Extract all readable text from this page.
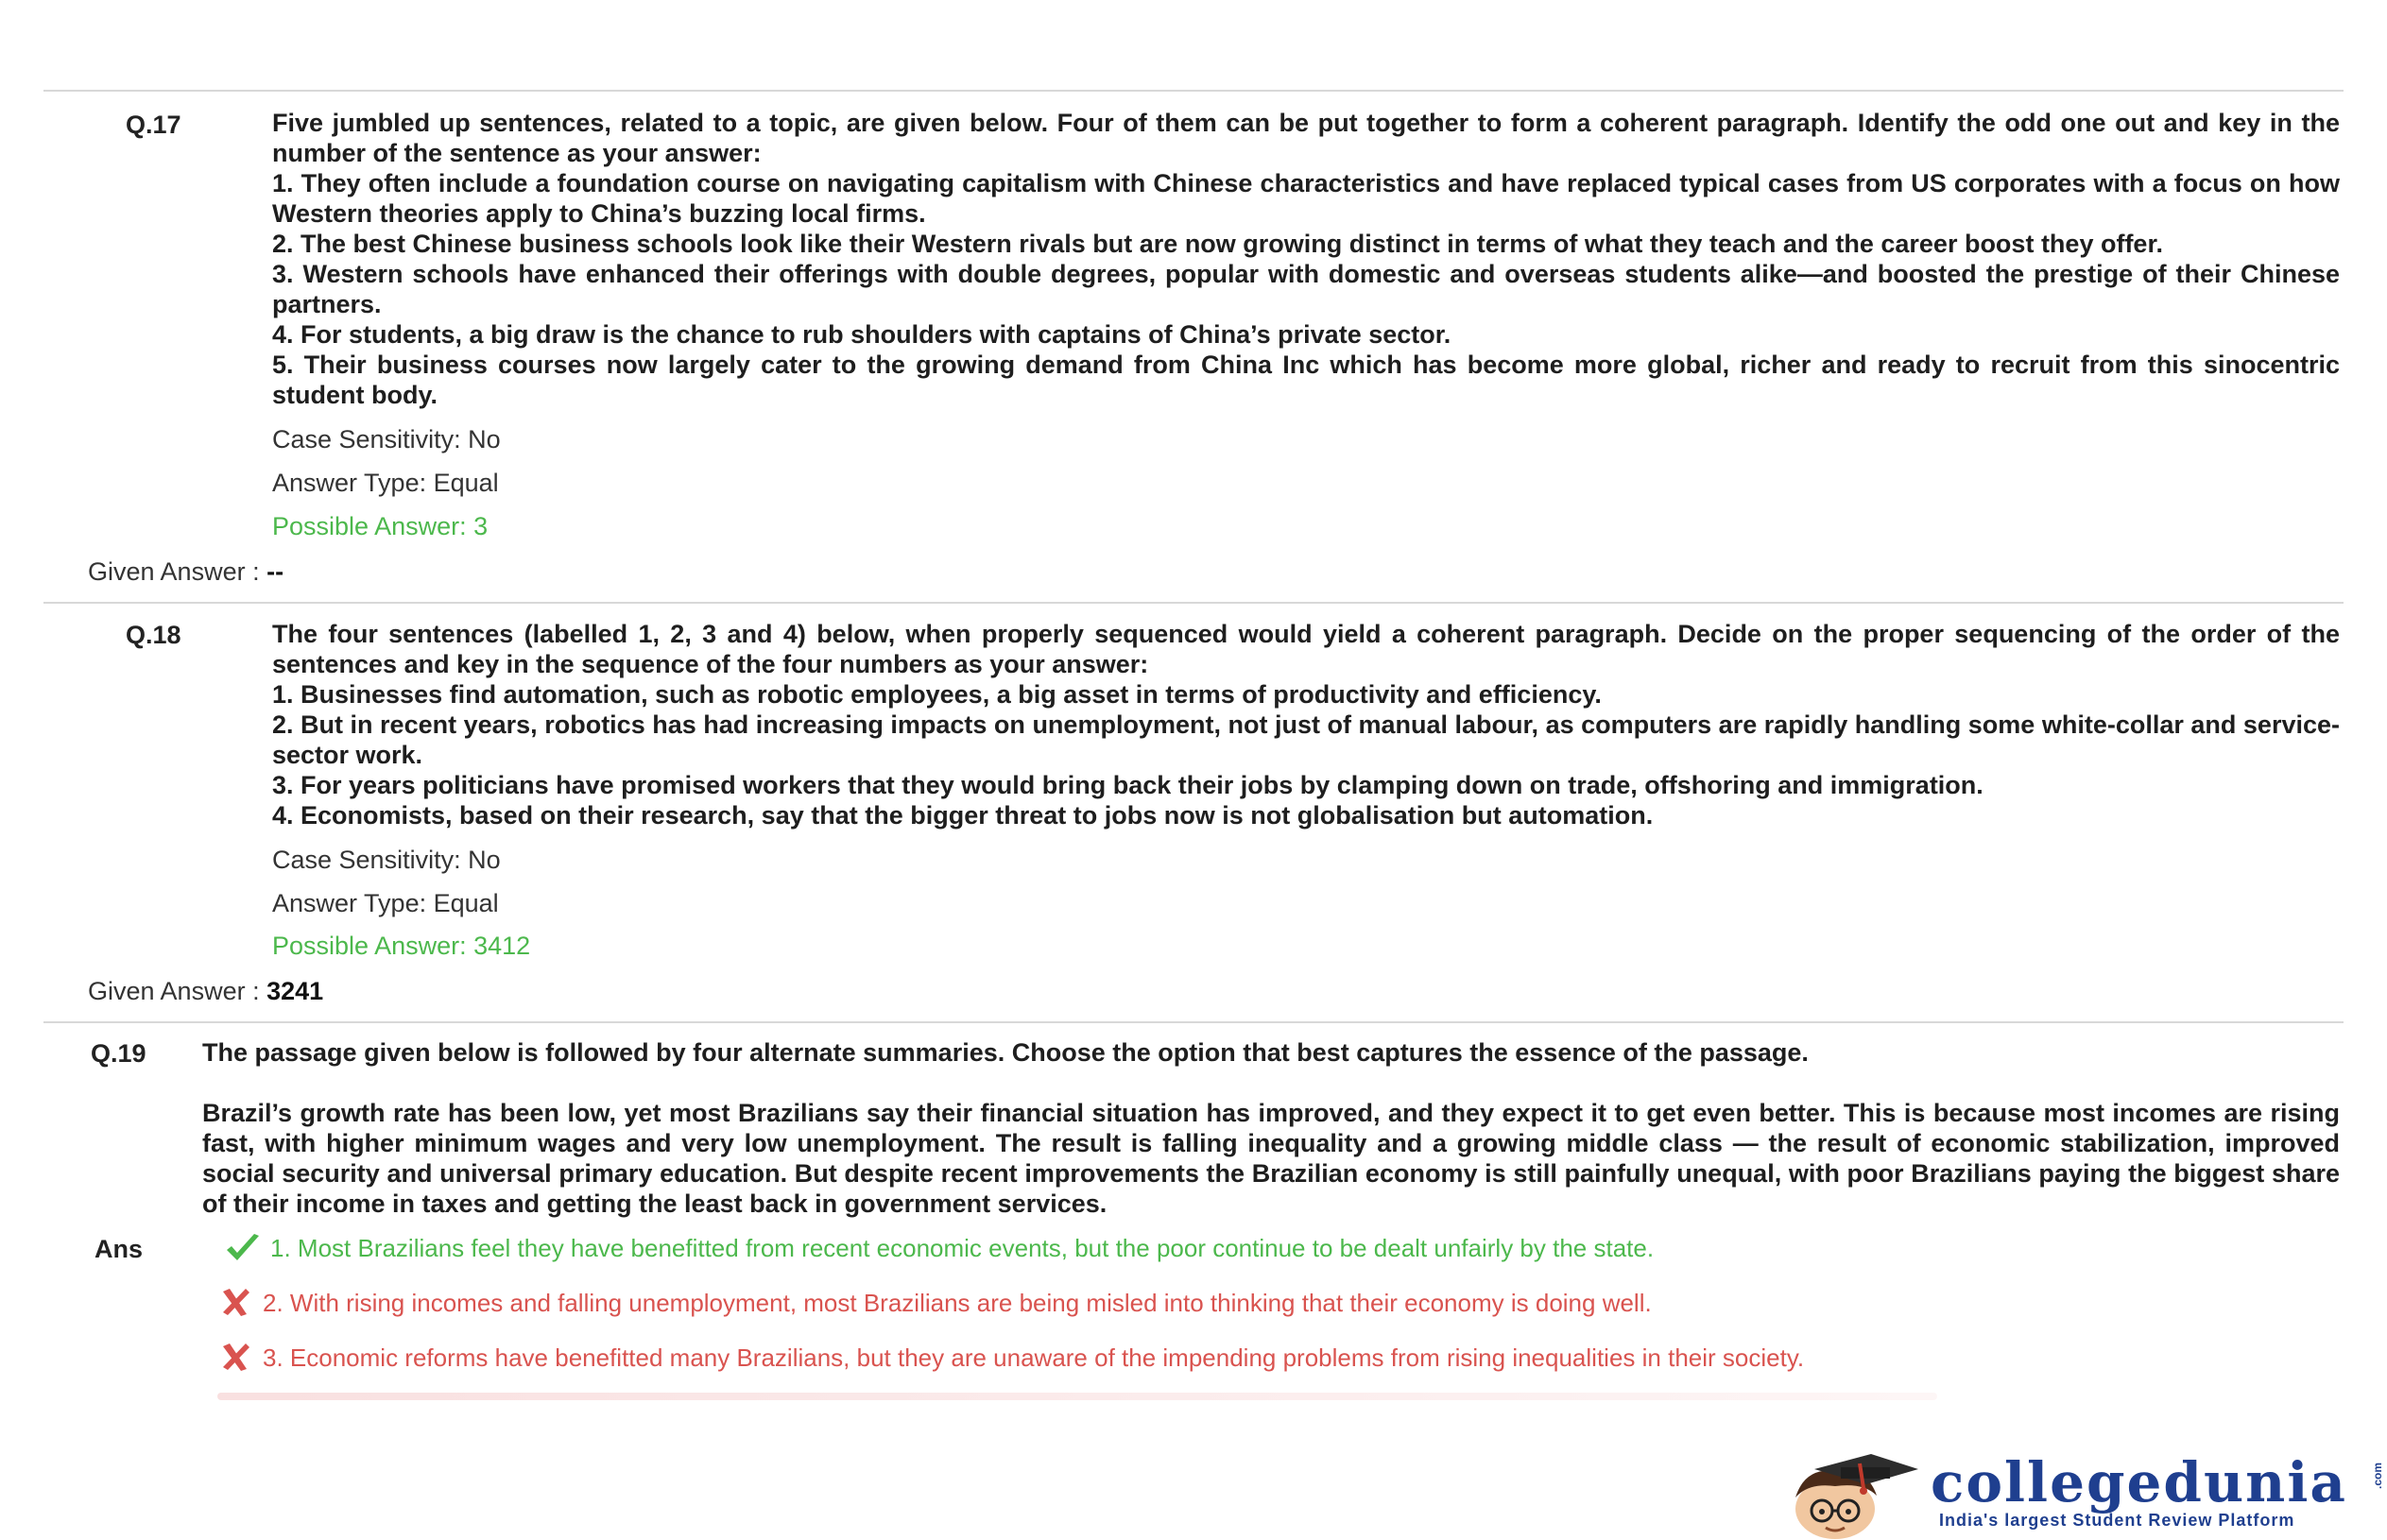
Q.17	Five jumbled up sentences, related to a topic, are given below. Four of them can be put together to form a coherent paragraph. Identify the odd one out and key in the number of the sentence as your answer:

1. They often include a foundation course on navigating capitalism with Chinese characteristics and have replaced typical cases from US corporates with a focus on how Western theories apply to China’s buzzing local firms.

2. The best Chinese business schools look like their Western rivals but are now growing distinct in terms of what they teach and the career boost they offer.

3. Western schools have enhanced their offerings with double degrees, popular with domestic and overseas students alike—and boosted the prestige of their Chinese partners.

4. For students, a big draw is the chance to rub shoulders with captains of China’s private sector.

5. Their business courses now largely cater to the growing demand from China Inc which has become more global, richer and ready to recruit from this sinocentric student body.

Case Sensitivity: No
Answer Type: Equal
Possible Answer: 3
Given Answer : --
Q.18	The four sentences (labelled 1, 2, 3 and 4) below, when properly sequenced would yield a coherent paragraph. Decide on the proper sequencing of the order of the sentences and key in the sequence of the four numbers as your answer:

1. Businesses find automation, such as robotic employees, a big asset in terms of productivity and efficiency.

2. But in recent years, robotics has had increasing impacts on unemployment, not just of manual labour, as computers are rapidly handling some white-collar and service-sector work.

3. For years politicians have promised workers that they would bring back their jobs by clamping down on trade, offshoring and immigration.

4. Economists, based on their research, say that the bigger threat to jobs now is not globalisation but automation.

Case Sensitivity: No
Answer Type: Equal
Possible Answer: 3412
Given Answer : 3241
Q.19 The passage given below is followed by four alternate summaries. Choose the option that best captures the essence of the passage.
Brazil’s growth rate has been low, yet most Brazilians say their financial situation has improved, and they expect it to get even better. This is because most incomes are rising fast, with higher minimum wages and very low unemployment. The result is falling inequality and a growing middle class — the result of economic stabilization, improved social security and universal primary education. But despite recent improvements the Brazilian economy is still painfully unequal, with poor Brazilians paying the biggest share of their income in taxes and getting the least back in government services.
Ans	1. Most Brazilians feel they have benefitted from recent economic events, but the poor continue to be dealt unfairly by the state.
2. With rising incomes and falling unemployment, most Brazilians are being misled into thinking that their economy is doing well.
3. Economic reforms have benefitted many Brazilians, but they are unaware of the impending problems from rising inequalities in their society.
collegedunia .com
India's largest Student Review Platform
